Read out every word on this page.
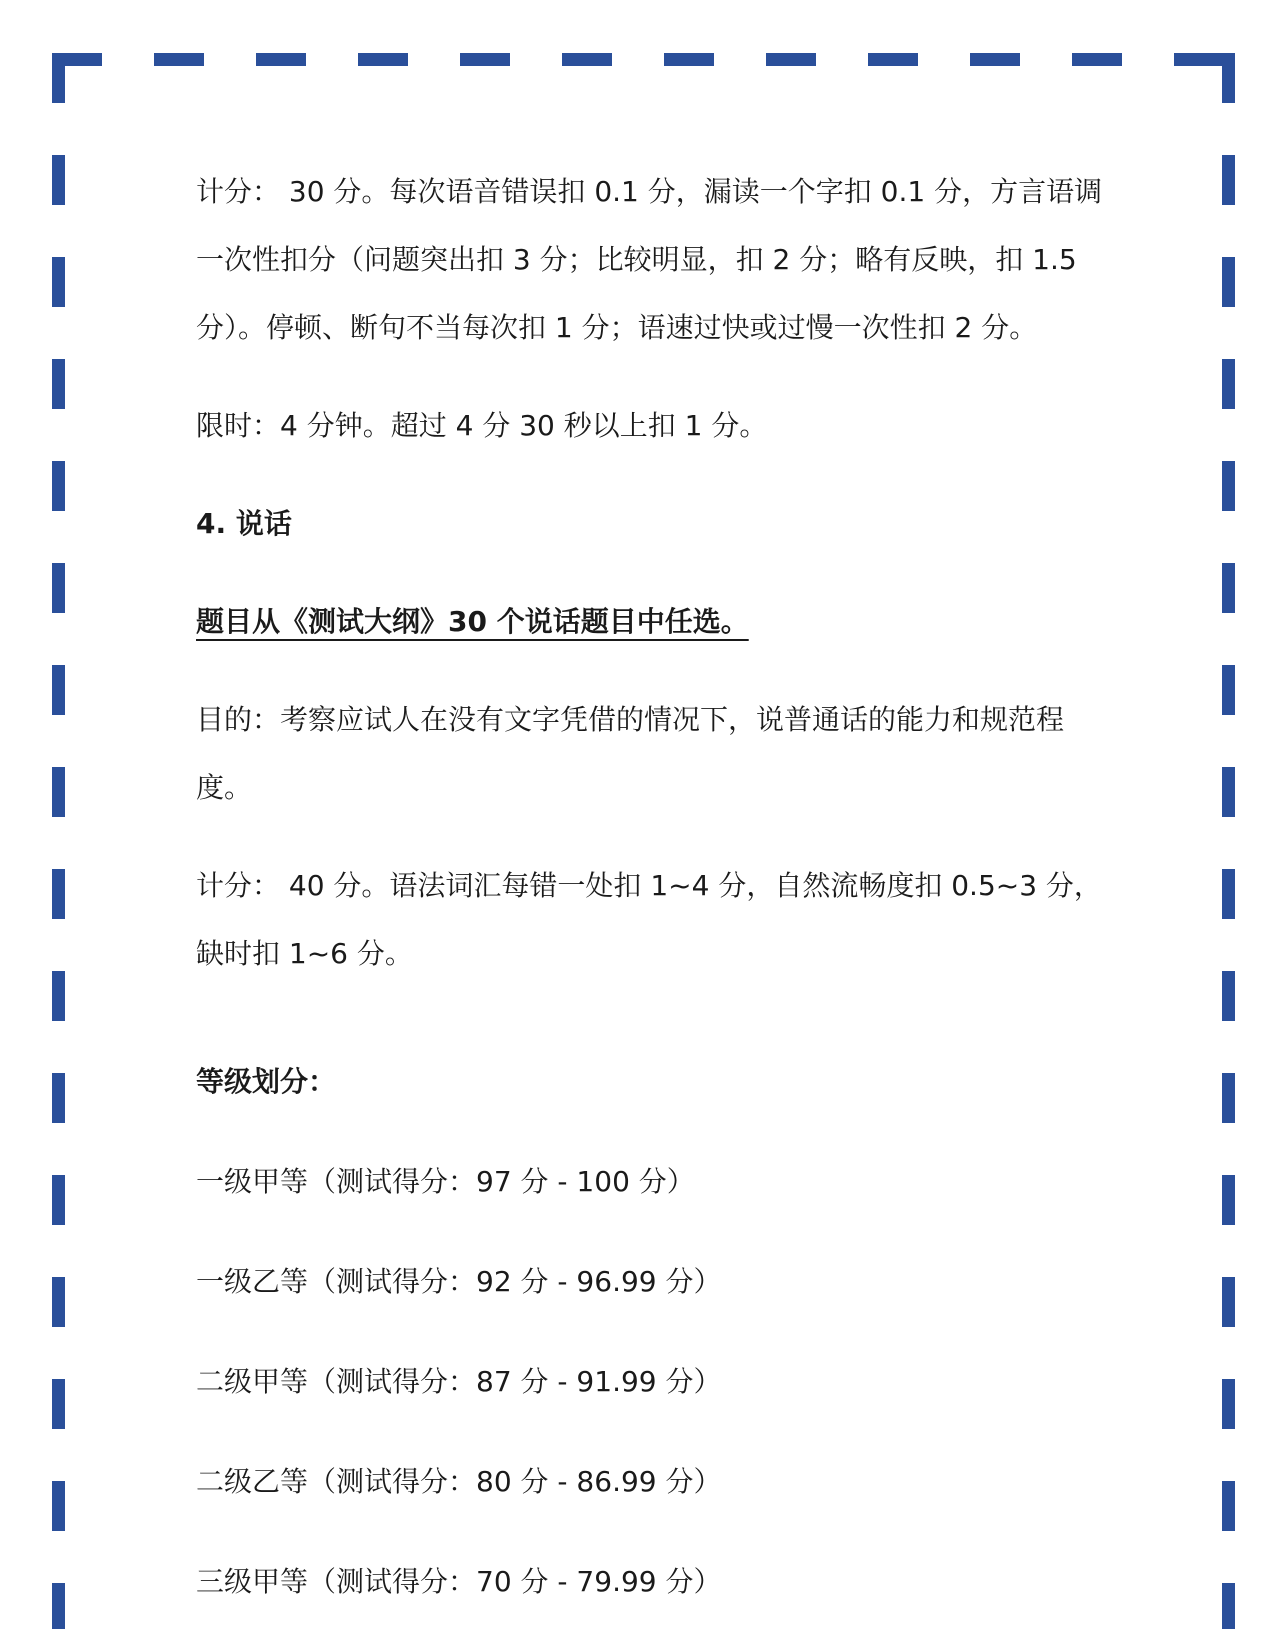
计分： 30 分。每次语音错误扣 0.1 分，漏读一个字扣 0.1 分，方言语调一次性扣分（问题突出扣 3 分；比较明显，扣 2 分；略有反映，扣 1.5 分）。停顿、断句不当每次扣 1 分；语速过快或过慢一次性扣 2 分。

限时：4 分钟。超过 4 分 30 秒以上扣 1 分。

4. 说话

题目从《测试大纲》30 个说话题目中任选。

目的：考察应试人在没有文字凭借的情况下，说普通话的能力和规范程度。

计分： 40 分。语法词汇每错一处扣 1~4 分，自然流畅度扣 0.5~3 分，缺时扣 1~6 分。

等级划分：

一级甲等（测试得分：97 分 - 100 分）

一级乙等（测试得分：92 分 - 96.99 分）

二级甲等（测试得分：87 分 - 91.99 分）

二级乙等（测试得分：80 分 - 86.99 分）

三级甲等（测试得分：70 分 - 79.99 分）
